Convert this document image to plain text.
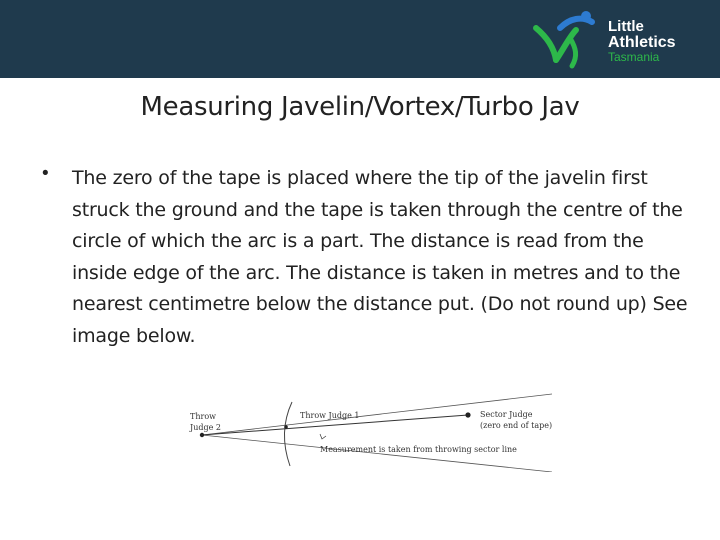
Little
Athletics
Tasmania
Measuring Javelin/Vortex/Turbo Jav
• The zero of the tape is placed where the tip of the javelin first struck the ground and the tape is taken through the centre of the circle of which the arc is a part. The distance is read from the inside edge of the arc. The distance is taken in metres and to the nearest centimetre below the distance put. (Do not round up) See image below.
Throw
Judge 2
Throw Judge 1	Sector Judge
(zero end of tape)
Measurement is taken from throwing sector line
